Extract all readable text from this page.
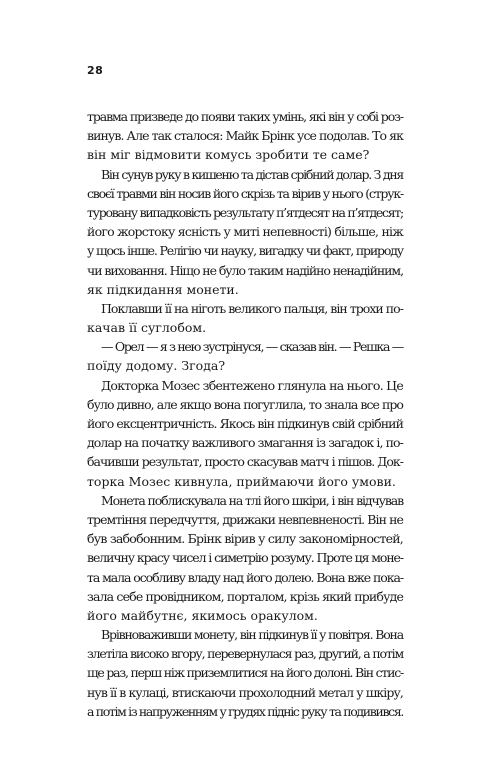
28
травма призведе до появи таких умінь, які він у собі роз-
винув. Але так сталося: Майк Брінк усе подолав. То як
він міг відмовити комусь зробити те саме?
Він сунув руку в кишеню та дістав срібний долар. З дня
своєї травми він носив його скрізь та вірив у нього (струк-
туровану випадковість результату п’ятдесят на п’ятдесят;
його жорстоку ясність у миті непевності) більше, ніж
у щось інше. Релігію чи науку, вигадку чи факт, природу
чи виховання. Ніщо не було таким надійно ненадійним,
як підкидання монети.
Поклавши її на ніготь великого пальця, він трохи по-
качав її суглобом.
— Орел — я з нею зустрінуся, — сказав він. — Решка —
поїду додому. Згода?
Докторка Мозес збентежено глянула на нього. Це
було дивно, але якщо вона погуглила, то знала все про
його ексцентричність. Якось він підкинув свій срібний
долар на початку важливого змагання із загадок і, по-
бачивши результат, просто скасував матч і пішов. Док-
торка Мозес кивнула, приймаючи його умови.
Монета поблискувала на тлі його шкіри, і він відчував
тремтіння передчуття, дрижаки невпевненості. Він не
був забобонним. Брінк вірив у силу закономірностей,
величну красу чисел і симетрію розуму. Проте ця моне-
та мала особливу владу над його долею. Вона вже пока-
зала себе провідником, порталом, крізь який прибуде
його майбутнє, якимось оракулом.
Врівноваживши монету, він підкинув її у повітря. Вона
злетіла високо вгору, перевернулася раз, другий, а потім
ще раз, перш ніж приземлитися на його долоні. Він стис-
нув її в кулаці, втискаючи прохолодний метал у шкіру,
а потім із напруженням у грудях підніс руку та подивився.
